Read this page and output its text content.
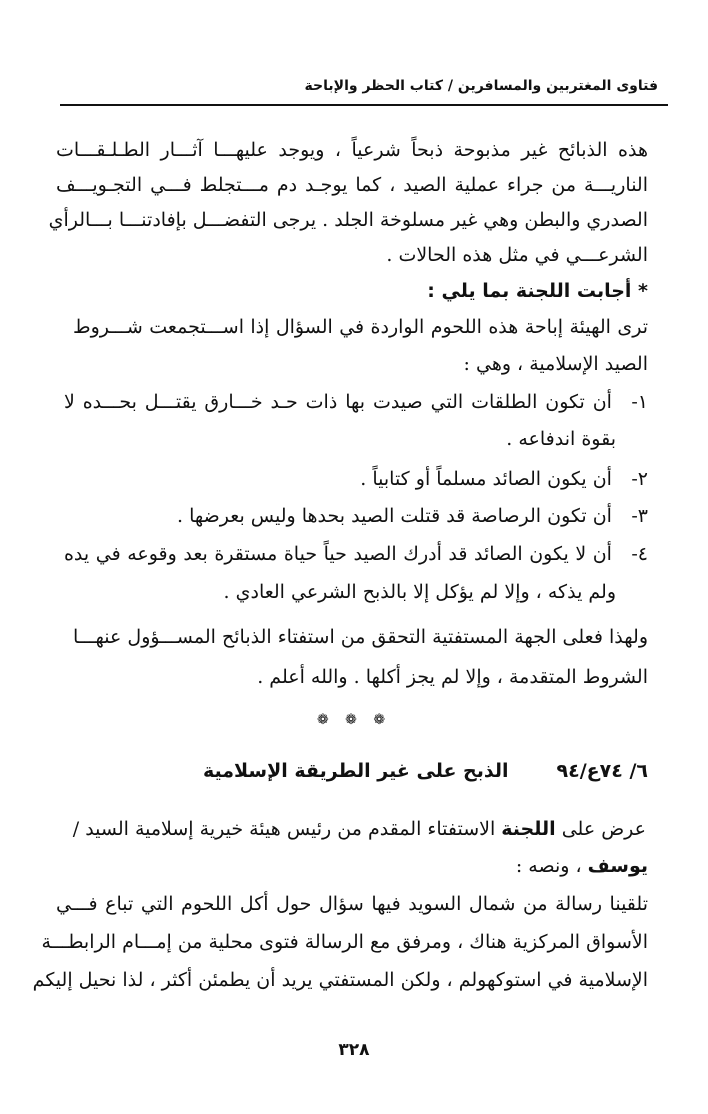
فتاوى المغتربين والمسافرين / كتاب الحظر والإباحة
هذه الذبائح غير مذبوحة ذبحاً شرعياً ، ويوجد عليهـــا آثـــار الطـلـقـــات
الناريـــة من جراء عملية الصيد ، كما يوجـد دم مـــتجلط فـــي التجـويـــف
الصدري والبطن وهي غير مسلوخة الجلد . يرجى التفضـــل بإفادتنـــا بـــالرأي
الشرعـــي في مثل هذه الحالات .
* أجابت اللجنة بما يلي :
ترى الهيئة إباحة هذه اللحوم الواردة في السؤال إذا اســـتجمعت شـــروط
الصيد الإسلامية ، وهي :
١- أن تكون الطلقات التي صيدت بها ذات حـد خـــارق يقتـــل بحـــده لا
بقوة اندفاعه .
٢- أن يكون الصائد مسلماً أو كتابياً .
٣- أن تكون الرصاصة قد قتلت الصيد بحدها وليس بعرضها .
٤- أن لا يكون الصائد قد أدرك الصيد حياً حياة مستقرة بعد وقوعه في يده
ولم يذكه ، وإلا لم يؤكل إلا بالذبح الشرعي العادي .
ولهذا فعلى الجهة المستفتية التحقق من استفتاء الذبائح المســـؤول عنهـــا
الشروط المتقدمة ، وإلا لم يجز أكلها . والله أعلم .
❁ ❁ ❁
٦/ ٧٤ع/٩٤الذبح على غير الطريقة الإسلامية
عرض على اللجنة الاستفتاء المقدم من رئيس هيئة خيرية إسلامية السيد /
يوسف ، ونصه :
تلقينا رسالة من شمال السويد فيها سؤال حول أكل اللحوم التي تباع فـــي
الأسواق المركزية هناك ، ومرفق مع الرسالة فتوى محلية من إمـــام الرابطـــة
الإسلامية في استوكهولم ، ولكن المستفتي يريد أن يطمئن أكثر ، لذا نحيل إليكم
٣٢٨
